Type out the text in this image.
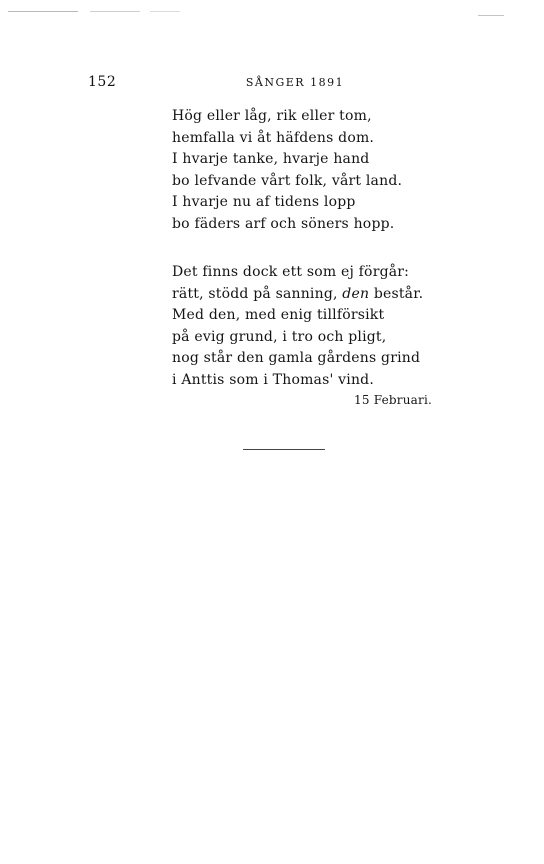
152	SÅNGER 1891
Hög eller låg, rik eller tom,
hemfalla vi åt häfdens dom.
I hvarje tanke, hvarje hand
bo lefvande vårt folk, vårt land.
I hvarje nu af tidens lopp
bo fäders arf och söners hopp.
Det finns dock ett som ej förgår:
rätt, stödd på sanning, den består.
Med den, med enig tillförsikt
på evig grund, i tro och pligt,
nog står den gamla gårdens grind
i Anttis som i Thomas' vind.
15 Februari.
